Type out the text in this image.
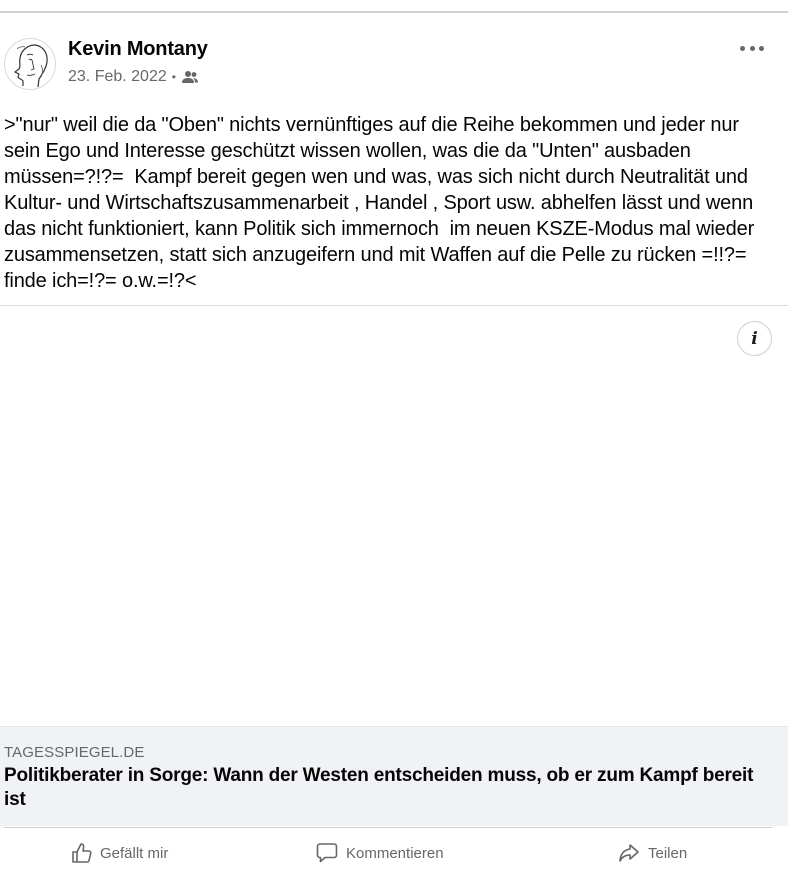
Kevin Montany
23. Feb. 2022 •

>"nur" weil die da "Oben" nichts vernünftiges auf die Reihe bekommen und jeder nur sein Ego und Interesse geschützt wissen wollen, was die da "Unten" ausbaden müssen=?!?=  Kampf bereit gegen wen und was, was sich nicht durch Neutralität und Kultur- und Wirtschaftszusammenarbeit , Handel , Sport usw. abhelfen lässt und wenn das nicht funktioniert, kann Politik sich immernoch  im neuen KSZE-Modus mal wieder zusammensetzen, statt sich anzugeifern und mit Waffen auf die Pelle zu rücken =!!?= finde ich=!?= o.w.=!?<

i
TAGESSPIEGEL.DE
Politikberater in Sorge: Wann der Westen entscheiden muss, ob er zum Kampf bereit ist
Gefällt mir	Kommentieren	Teilen
